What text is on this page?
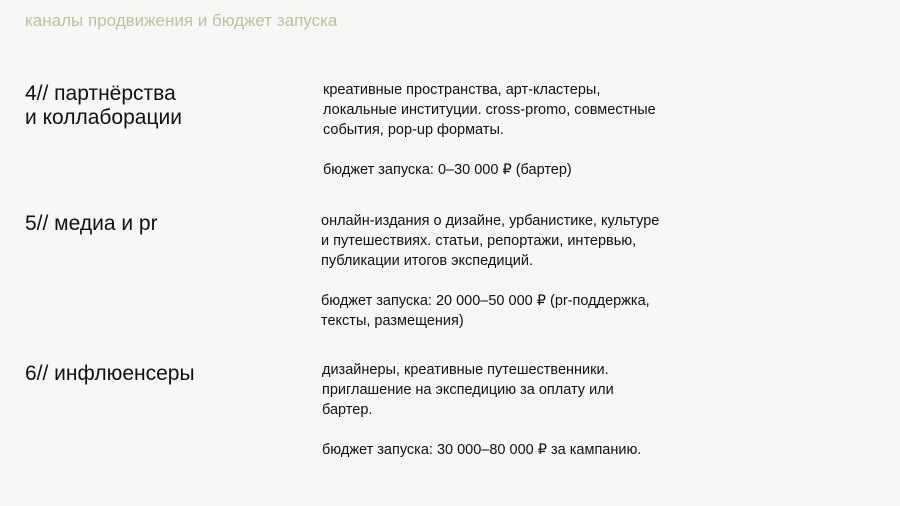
каналы продвижения и бюджет запуска
4// партнёрства
и коллаборации
креативные пространства, арт-кластеры,
локальные институции. cross-promo, совместные
события, pop-up форматы.
бюджет запуска: 0–30 000 ₽ (бартер)
5// медиа и pr	онлайн-издания о дизайне, урбанистике, культуре
и путешествиях. статьи, репортажи, интервью,
публикации итогов экспедиций.
бюджет запуска: 20 000–50 000 ₽ (pr-поддержка,
тексты, размещения)
6// инфлюенсеры	дизайнеры, креативные путешественники.
приглашение на экспедицию за оплату или
бартер.
бюджет запуска: 30 000–80 000 ₽ за кампанию.
